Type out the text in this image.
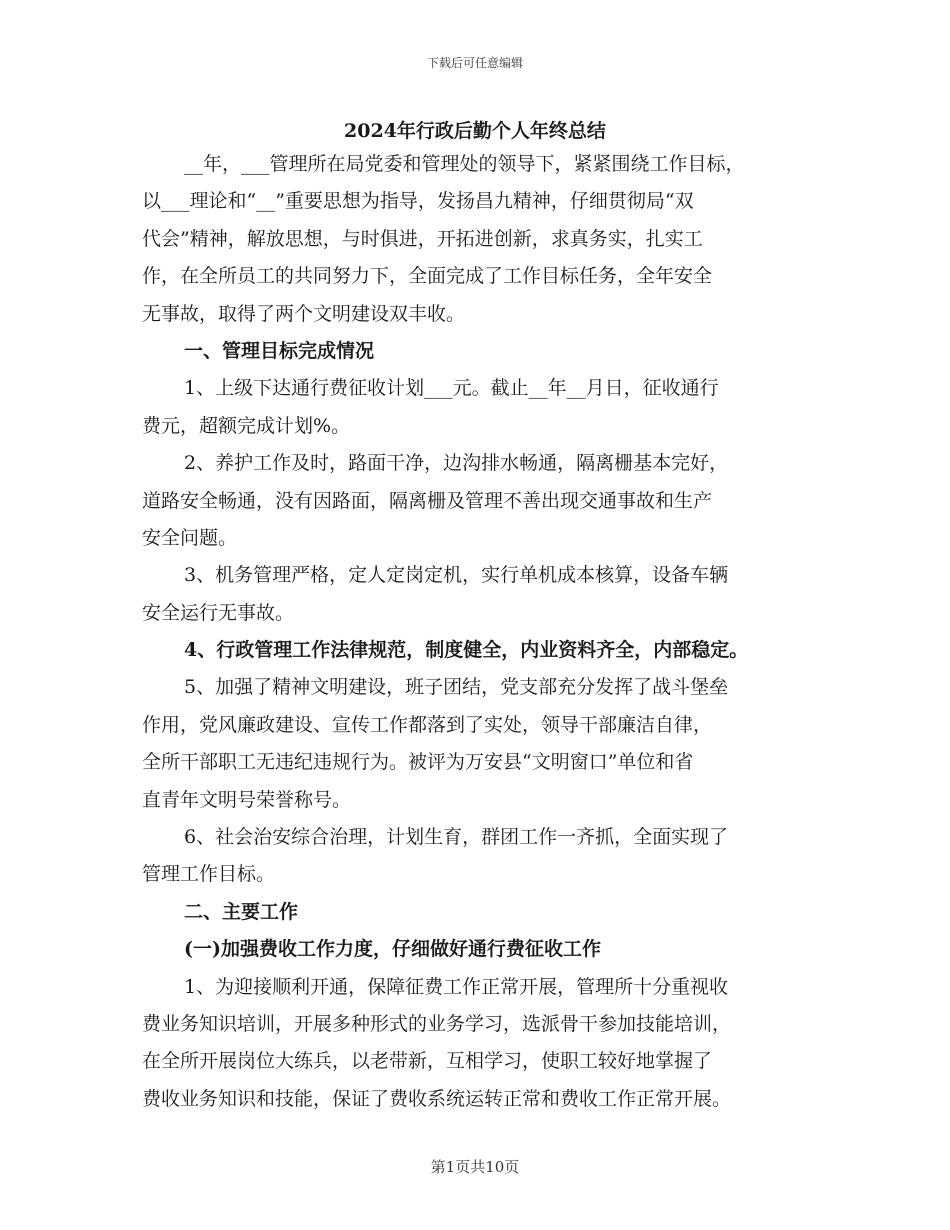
下载后可任意编辑
2024年行政后勤个人年终总结
__年，___管理所在局党委和管理处的领导下，紧紧围绕工作目标，
以___理论和“__”重要思想为指导，发扬昌九精神，仔细贯彻局“双
代会”精神，解放思想，与时俱进，开拓进创新，求真务实，扎实工
作，在全所员工的共同努力下，全面完成了工作目标任务，全年安全
无事故，取得了两个文明建设双丰收。
一、管理目标完成情况
1、上级下达通行费征收计划___元。截止__年__月日，征收通行
费元，超额完成计划%。
2、养护工作及时，路面干净，边沟排水畅通，隔离栅基本完好，
道路安全畅通，没有因路面，隔离栅及管理不善出现交通事故和生产
安全问题。
3、机务管理严格，定人定岗定机，实行单机成本核算，设备车辆
安全运行无事故。
4、行政管理工作法律规范，制度健全，内业资料齐全，内部稳定。
5、加强了精神文明建设，班子团结，党支部充分发挥了战斗堡垒
作用，党风廉政建设、宣传工作都落到了实处，领导干部廉洁自律，
全所干部职工无违纪违规行为。被评为万安县“文明窗口”单位和省
直青年文明号荣誉称号。
6、社会治安综合治理，计划生育，群团工作一齐抓，全面实现了
管理工作目标。
二、主要工作
(一)加强费收工作力度，仔细做好通行费征收工作
1、为迎接顺利开通，保障征费工作正常开展，管理所十分重视收
费业务知识培训，开展多种形式的业务学习，选派骨干参加技能培训，
在全所开展岗位大练兵，以老带新，互相学习，使职工较好地掌握了
费收业务知识和技能，保证了费收系统运转正常和费收工作正常开展。
第1页共10页
